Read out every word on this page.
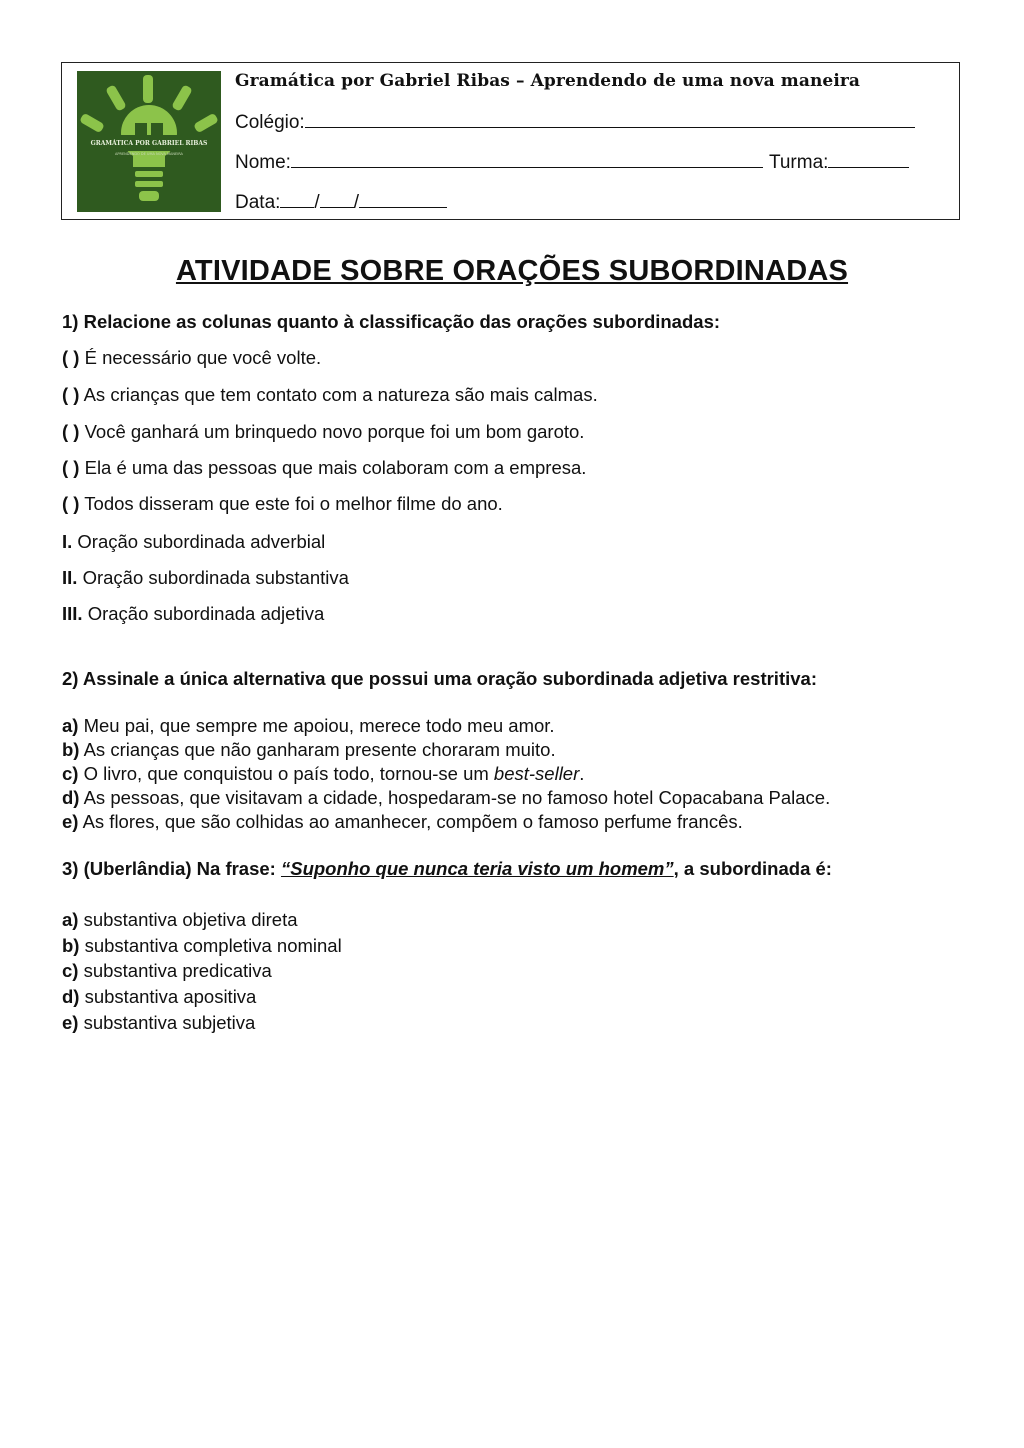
GRAMÁTICA POR GABRIEL RIBAS
APRENDENDO DE UMA NOVA MANEIRA
Gramática por Gabriel Ribas – Aprendendo de uma nova maneira
Colégio:
Nome:	Turma:
Data: / /
ATIVIDADE SOBRE ORAÇÕES SUBORDINADAS
1) Relacione as colunas quanto à classificação das orações subordinadas:
( ) É necessário que você volte.
( ) As crianças que tem contato com a natureza são mais calmas.
( ) Você ganhará um brinquedo novo porque foi um bom garoto.
( ) Ela é uma das pessoas que mais colaboram com a empresa.
( ) Todos disseram que este foi o melhor filme do ano.
I. Oração subordinada adverbial
II. Oração subordinada substantiva
III. Oração subordinada adjetiva
2) Assinale a única alternativa que possui uma oração subordinada adjetiva restritiva:
a) Meu pai, que sempre me apoiou, merece todo meu amor.
b) As crianças que não ganharam presente choraram muito.
c) O livro, que conquistou o país todo, tornou-se um best-seller.
d) As pessoas, que visitavam a cidade, hospedaram-se no famoso hotel Copacabana Palace.
e) As flores, que são colhidas ao amanhecer, compõem o famoso perfume francês.
3) (Uberlândia) Na frase: “Suponho que nunca teria visto um homem”, a subordinada é:
a) substantiva objetiva direta
b) substantiva completiva nominal
c) substantiva predicativa
d) substantiva apositiva
e) substantiva subjetiva
